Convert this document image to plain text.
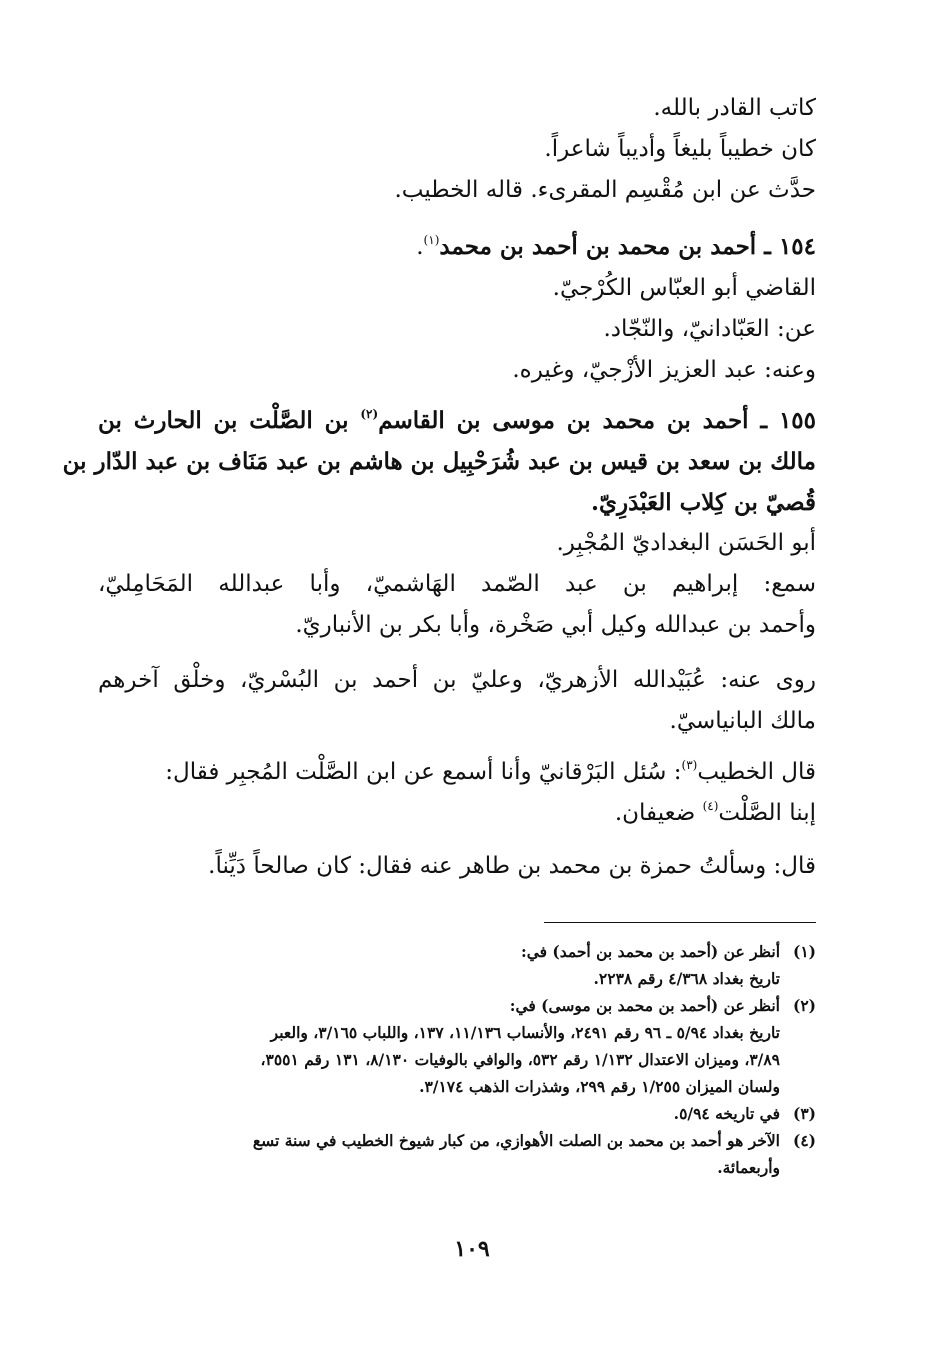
كاتب القادر بالله.
كان خطيباً بليغاً وأديباً شاعراً.
حدَّث عن ابن مُقْسِم المقرىء. قاله الخطيب.
١٥٤ ـ أحمد بن محمد بن أحمد بن محمد$^{(١)}$.
القاضي أبو العبّاس الكُرْجيّ.
عن: العَبّادانيّ، والنّجّاد.
وعنه: عبد العزيز الأزْجيّ، وغيره.
١٥٥ ـ أحمد بن محمد بن موسى بن القاسم$^{(٢)}$ بن الصَّلْت بن الحارث بن
مالك بن سعد بن قيس بن عبد شُرَحْبِيل بن هاشم بن عبد مَنَاف بن عبد الدّار بن
قُصيّ بن كِلاب العَبْدَرِيّ.
أبو الحَسَن البغداديّ المُجْبِر.
سمع: إبراهيم بن عبد الصّمد الهَاشميّ، وأبا عبدالله المَحَامِليّ،
وأحمد بن عبدالله وكيل أبي صَخْرة، وأبا بكر بن الأنباريّ.
روى عنه: عُبَيْدالله الأزهريّ، وعليّ بن أحمد بن البُسْريّ، وخلْق آخرهم
مالك البانياسيّ.
قال الخطيب$^{(٣)}$: سُئل البَرْقانيّ وأنا أسمع عن ابن الصَّلْت المُجبِر فقال:
إبنا الصَّلْت$^{(٤)}$ ضعيفان.
قال: وسألتُ حمزة بن محمد بن طاهر عنه فقال: كان صالحاً دَيِّناً.
(١)
أنظر عن (أحمد بن محمد بن أحمد) في:
تاريخ بغداد ٤/٣٦٨ رقم ٢٢٣٨.
(٢)
أنظر عن (أحمد بن محمد بن موسى) في:
تاريخ بغداد ٥/٩٤ ـ ٩٦ رقم ٢٤٩١، والأنساب ١١/١٣٦، ١٣٧، واللباب ٣/١٦٥، والعبر
٣/٨٩، وميزان الاعتدال ١/١٣٢ رقم ٥٣٢، والوافي بالوفيات ٨/١٣٠، ١٣١ رقم ٣٥٥١،
ولسان الميزان ١/٢٥٥ رقم ٢٩٩، وشذرات الذهب ٣/١٧٤.
(٣)
في تاريخه ٥/٩٤.
(٤)
الآخر هو أحمد بن محمد بن الصلت الأهوازي، من كبار شيوخ الخطيب في سنة تسع
وأربعمائة.
١٠٩
